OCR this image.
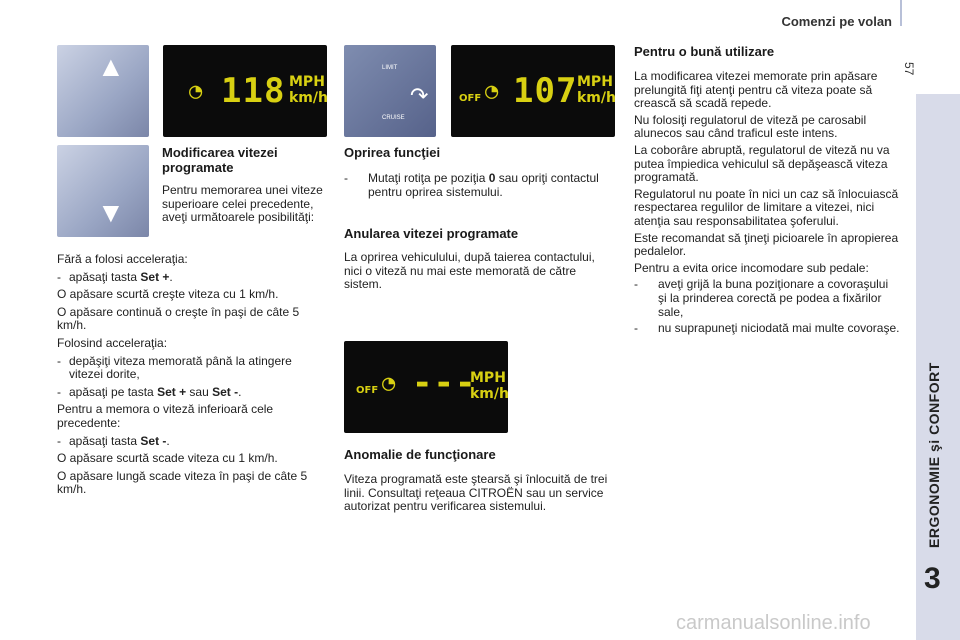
Comenzi pe volan
57
ERGONOMIE şi CONFORT
3
▲
▼
◔ 118 MPH
km/h
LIMIT
CRUISE
↷	OFF ◔ 107 MPH
km/h
OFF ◔ ---
MPH
km/h
Modificarea vitezei programate

Pentru memorarea unei viteze superioare celei precedente, aveţi următoarele posibilităţi:

Fără a folosi acceleraţia:

- apăsaţi tasta Set +.

O apăsare scurtă creşte viteza cu 1 km/h.

O apăsare continuă o creşte în paşi de câte 5 km/h.

Folosind acceleraţia:

- depăşiţi viteza memorată până la atingere vitezei dorite,
- apăsaţi pe tasta Set + sau Set -.

Pentru a memora o viteză inferioară cele precedente:

- apăsaţi tasta Set -.

O apăsare scurtă scade viteza cu 1 km/h.

O apăsare lungă scade viteza în paşi de câte 5 km/h.

Oprirea funcţiei
-	Mutaţi rotiţa pe poziţia 0 sau opriţi contactul pentru oprirea sistemului.
Anularea vitezei programate

La oprirea vehiculului, după taierea contactului, nici o viteză nu mai este memorată de către sistem.

Anomalie de funcţionare

Viteza programată este ştearsă şi înlocuită de trei linii. Consultaţi reţeaua CITROËN sau un service autorizat pentru verificarea sistemului.

Pentru o bună utilizare

La modificarea vitezei memorate prin apăsare prelungită fiţi atenţi pentru că viteza poate să crească să scadă repede.

Nu folosiţi regulatorul de viteză pe carosabil alunecos sau când traficul este intens.

La coborâre abruptă, regulatorul de viteză nu va putea împiedica vehiculul să depăşească viteza programată.

Regulatorul nu poate în nici un caz să înlocuiască respectarea regulilor de limitare a vitezei, nici atenţia sau responsabilitatea şoferului.

Este recomandat să ţineţi picioarele în apropierea pedalelor.

Pentru a evita orice incomodare sub pedale:

-	aveţi grijă la buna poziţionare a covoraşului şi la prinderea corectă pe podea a fixărilor sale,
-	nu suprapuneţi niciodată mai multe covoraşe.
carmanualsonline.info
